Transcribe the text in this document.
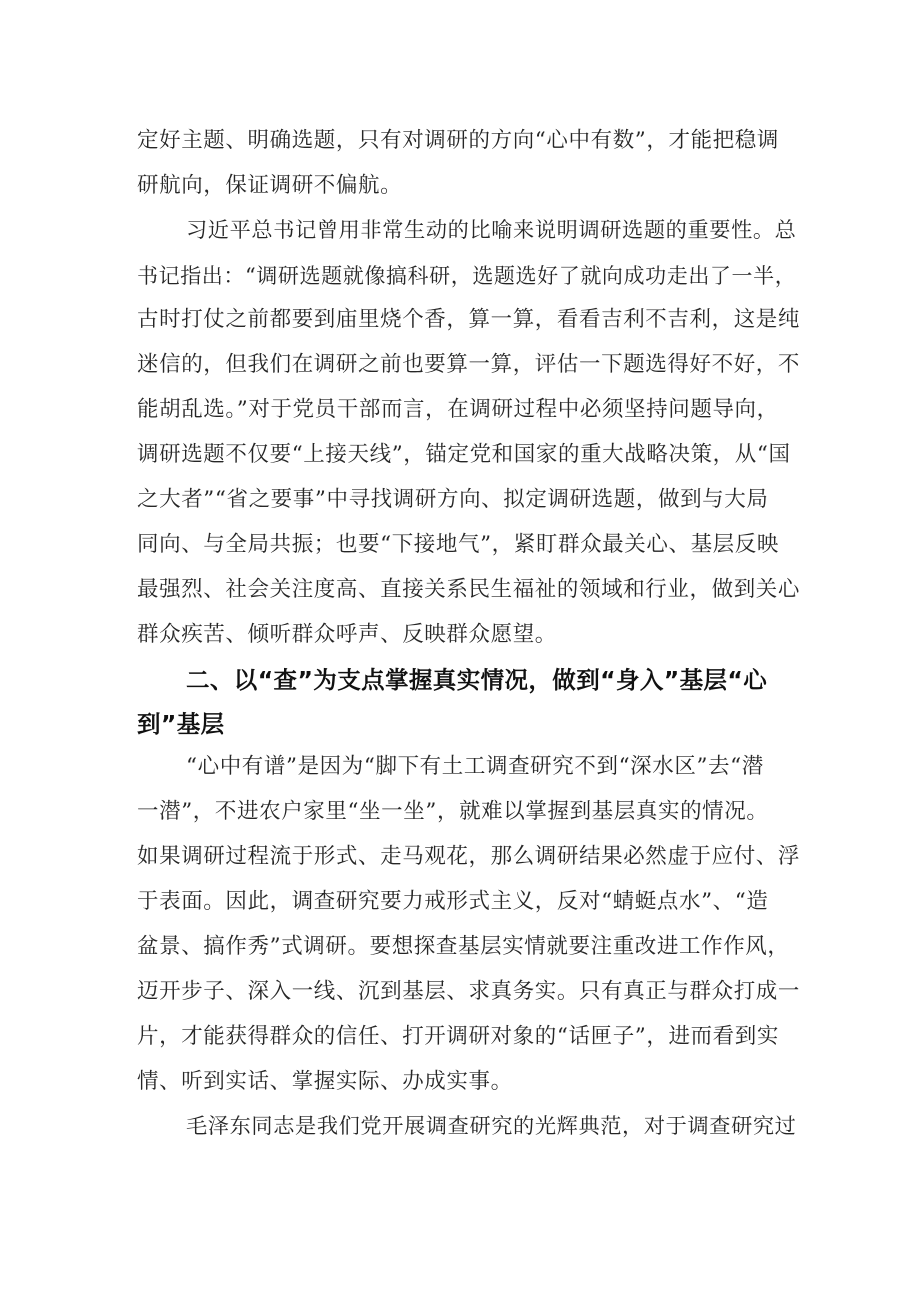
定好主题、明确选题，只有对调研的方向“心中有数”，才能把稳调

研航向，保证调研不偏航。

习近平总书记曾用非常生动的比喻来说明调研选题的重要性。总

书记指出：“调研选题就像搞科研，选题选好了就向成功走出了一半，

古时打仗之前都要到庙里烧个香，算一算，看看吉利不吉利，这是纯

迷信的，但我们在调研之前也要算一算，评估一下题选得好不好，不

能胡乱选。”对于党员干部而言，在调研过程中必须坚持问题导向，

调研选题不仅要“上接天线”，锚定党和国家的重大战略决策，从“国

之大者”“省之要事”中寻找调研方向、拟定调研选题，做到与大局

同向、与全局共振；也要“下接地气”，紧盯群众最关心、基层反映

最强烈、社会关注度高、直接关系民生福祉的领域和行业，做到关心

群众疾苦、倾听群众呼声、反映群众愿望。

二、以“查”为支点掌握真实情况，做到“身入”基层“心
到”基层

“心中有谱”是因为“脚下有土工调查研究不到“深水区”去“潜

一潜”，不进农户家里“坐一坐”，就难以掌握到基层真实的情况。

如果调研过程流于形式、走马观花，那么调研结果必然虚于应付、浮

于表面。因此，调查研究要力戒形式主义，反对“蜻蜓点水”、“造

盆景、搞作秀”式调研。要想探查基层实情就要注重改进工作作风，

迈开步子、深入一线、沉到基层、求真务实。只有真正与群众打成一

片，才能获得群众的信任、打开调研对象的“话匣子”，进而看到实

情、听到实话、掌握实际、办成实事。

毛泽东同志是我们党开展调查研究的光辉典范，对于调查研究过
